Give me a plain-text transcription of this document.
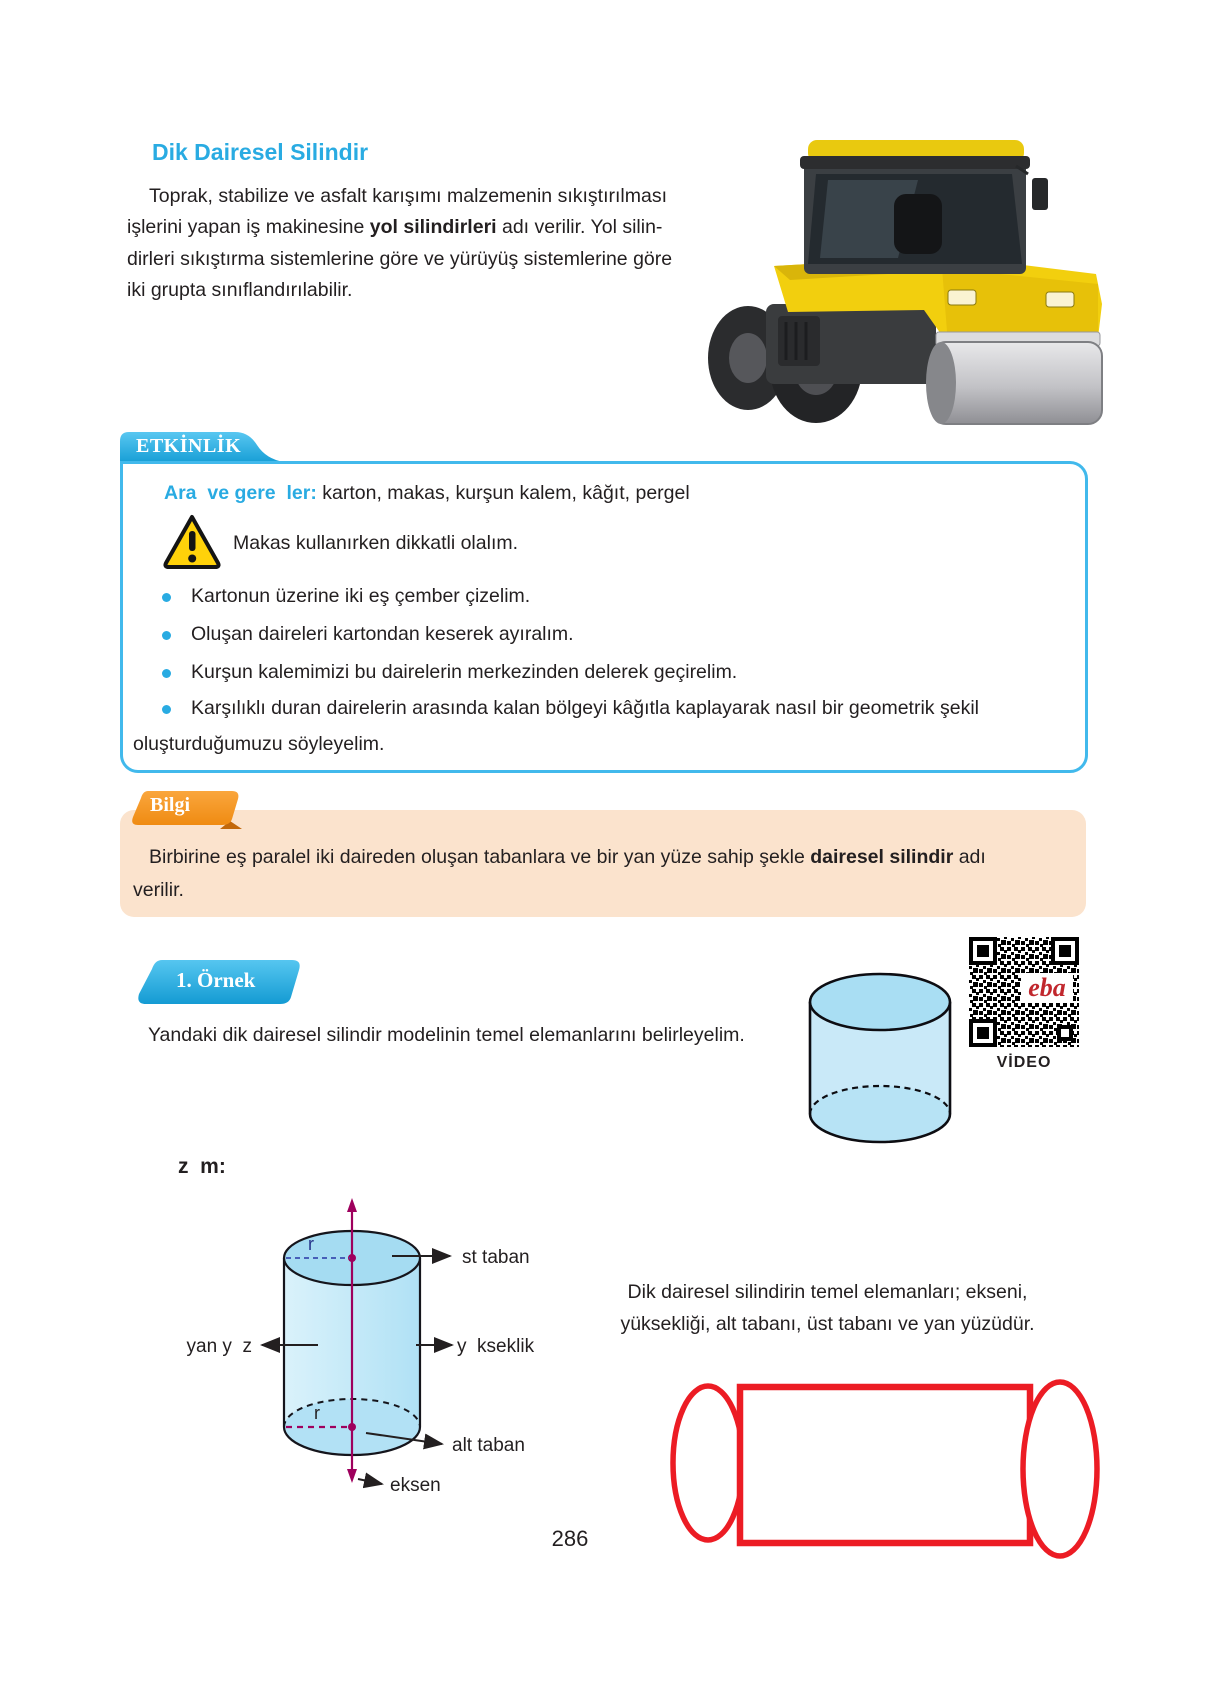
Dik Dairesel Silindir
Toprak, stabilize ve asfalt karışımı malzemenin sıkıştırılması
işlerini yapan iş makinesine yol silindirleri adı verilir. Yol silin-
dirleri sıkıştırma sistemlerine göre ve yürüyüş sistemlerine göre
iki grupta sınıflandırılabilir.
ETKİNLİK
Ara  ve gere  ler: karton, makas, kurşun kalem, kâğıt, pergel
Makas kullanırken dikkatli olalım.
Kartonun üzerine iki eş çember çizelim.
Oluşan daireleri kartondan keserek ayıralım.
Kurşun kalemimizi bu dairelerin merkezinden delerek geçirelim.
Karşılıklı duran dairelerin arasında kalan bölgeyi kâğıtla kaplayarak nasıl bir geometrik şekil
oluşturduğumuzu söyleyelim.
Bilgi
Birbirine eş paralel iki daireden oluşan tabanlara ve bir yan yüze sahip şekle dairesel silindir adı
verilir.
1. Örnek
Yandaki dik dairesel silindir modelinin temel elemanlarını belirleyelim.
eba
VİDEO
z  m:
r
r
st taban
yan y  z	y  kseklik
alt taban
eksen
Dik dairesel silindirin temel elemanları; ekseni,
yüksekliği, alt tabanı, üst tabanı ve yan yüzüdür.
286
